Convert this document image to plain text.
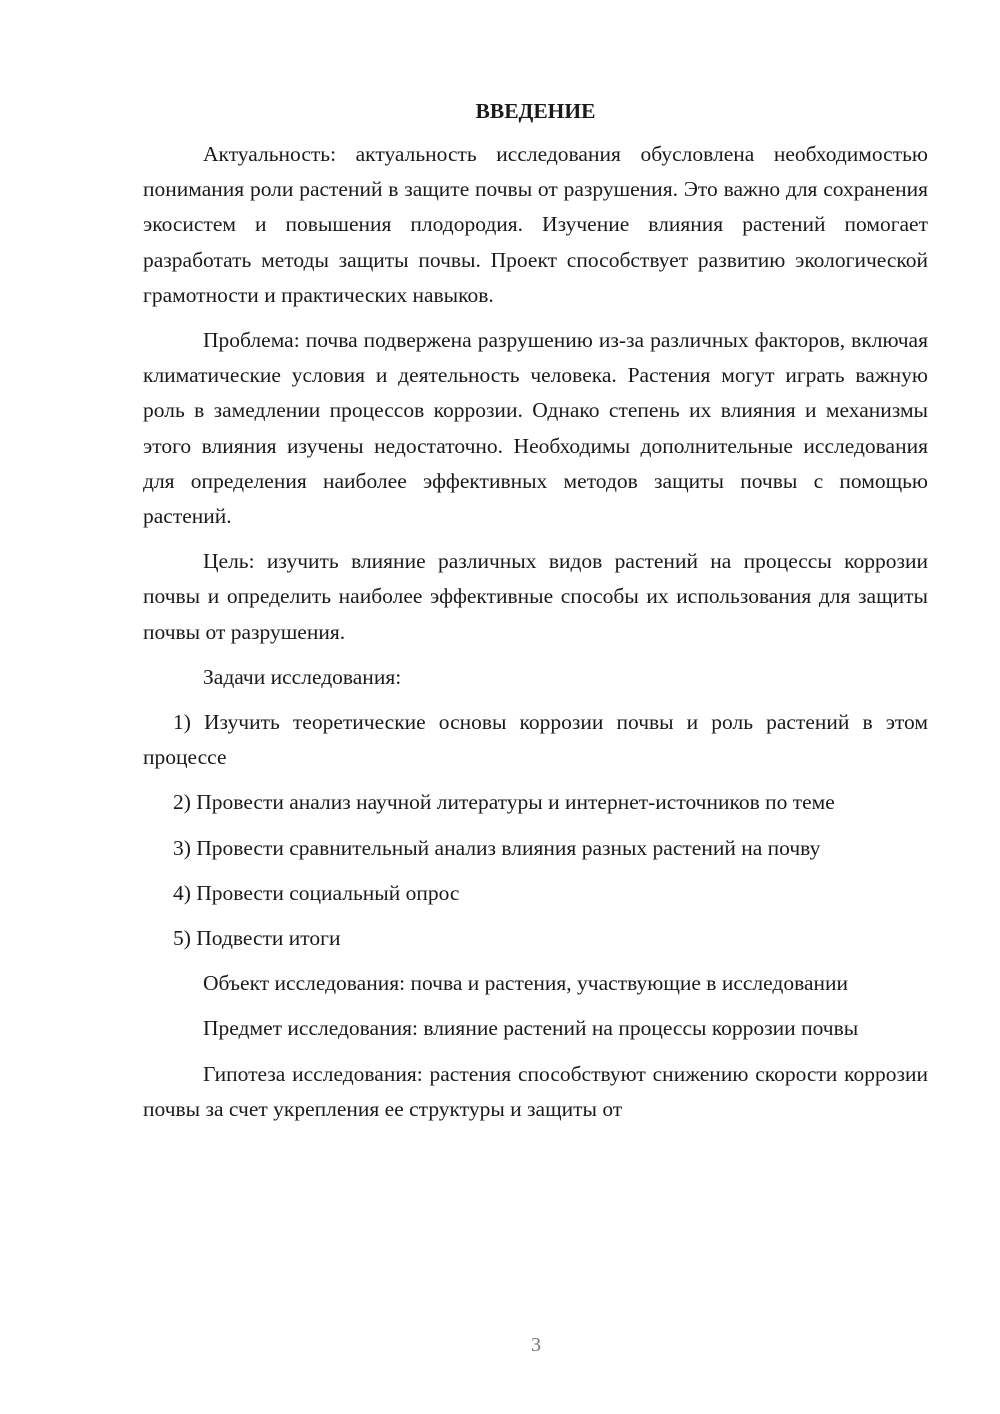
ВВЕДЕНИЕ

Актуальность: актуальность исследования обусловлена необходимостью понимания роли растений в защите почвы от разрушения. Это важно для сохранения экосистем и повышения плодородия. Изучение влияния растений помогает разработать методы защиты почвы. Проект способствует развитию экологической грамотности и практических навыков.

Проблема: почва подвержена разрушению из-за различных факторов, включая климатические условия и деятельность человека. Растения могут играть важную роль в замедлении процессов коррозии. Однако степень их влияния и механизмы этого влияния изучены недостаточно. Необходимы дополнительные исследования для определения наиболее эффективных методов защиты почвы с помощью растений.

Цель: изучить влияние различных видов растений на процессы коррозии почвы и определить наиболее эффективные способы их использования для защиты почвы от разрушения.

Задачи исследования:

1) Изучить теоретические основы коррозии почвы и роль растений в этом процессе

2) Провести анализ научной литературы и интернет-источников по теме

3) Провести сравнительный анализ влияния разных растений на почву

4) Провести социальный опрос

5) Подвести итоги

Объект исследования: почва и растения, участвующие в исследовании

Предмет исследования: влияние растений на процессы коррозии почвы

Гипотеза исследования: растения способствуют снижению скорости коррозии почвы за счет укрепления ее структуры и защиты от

3
